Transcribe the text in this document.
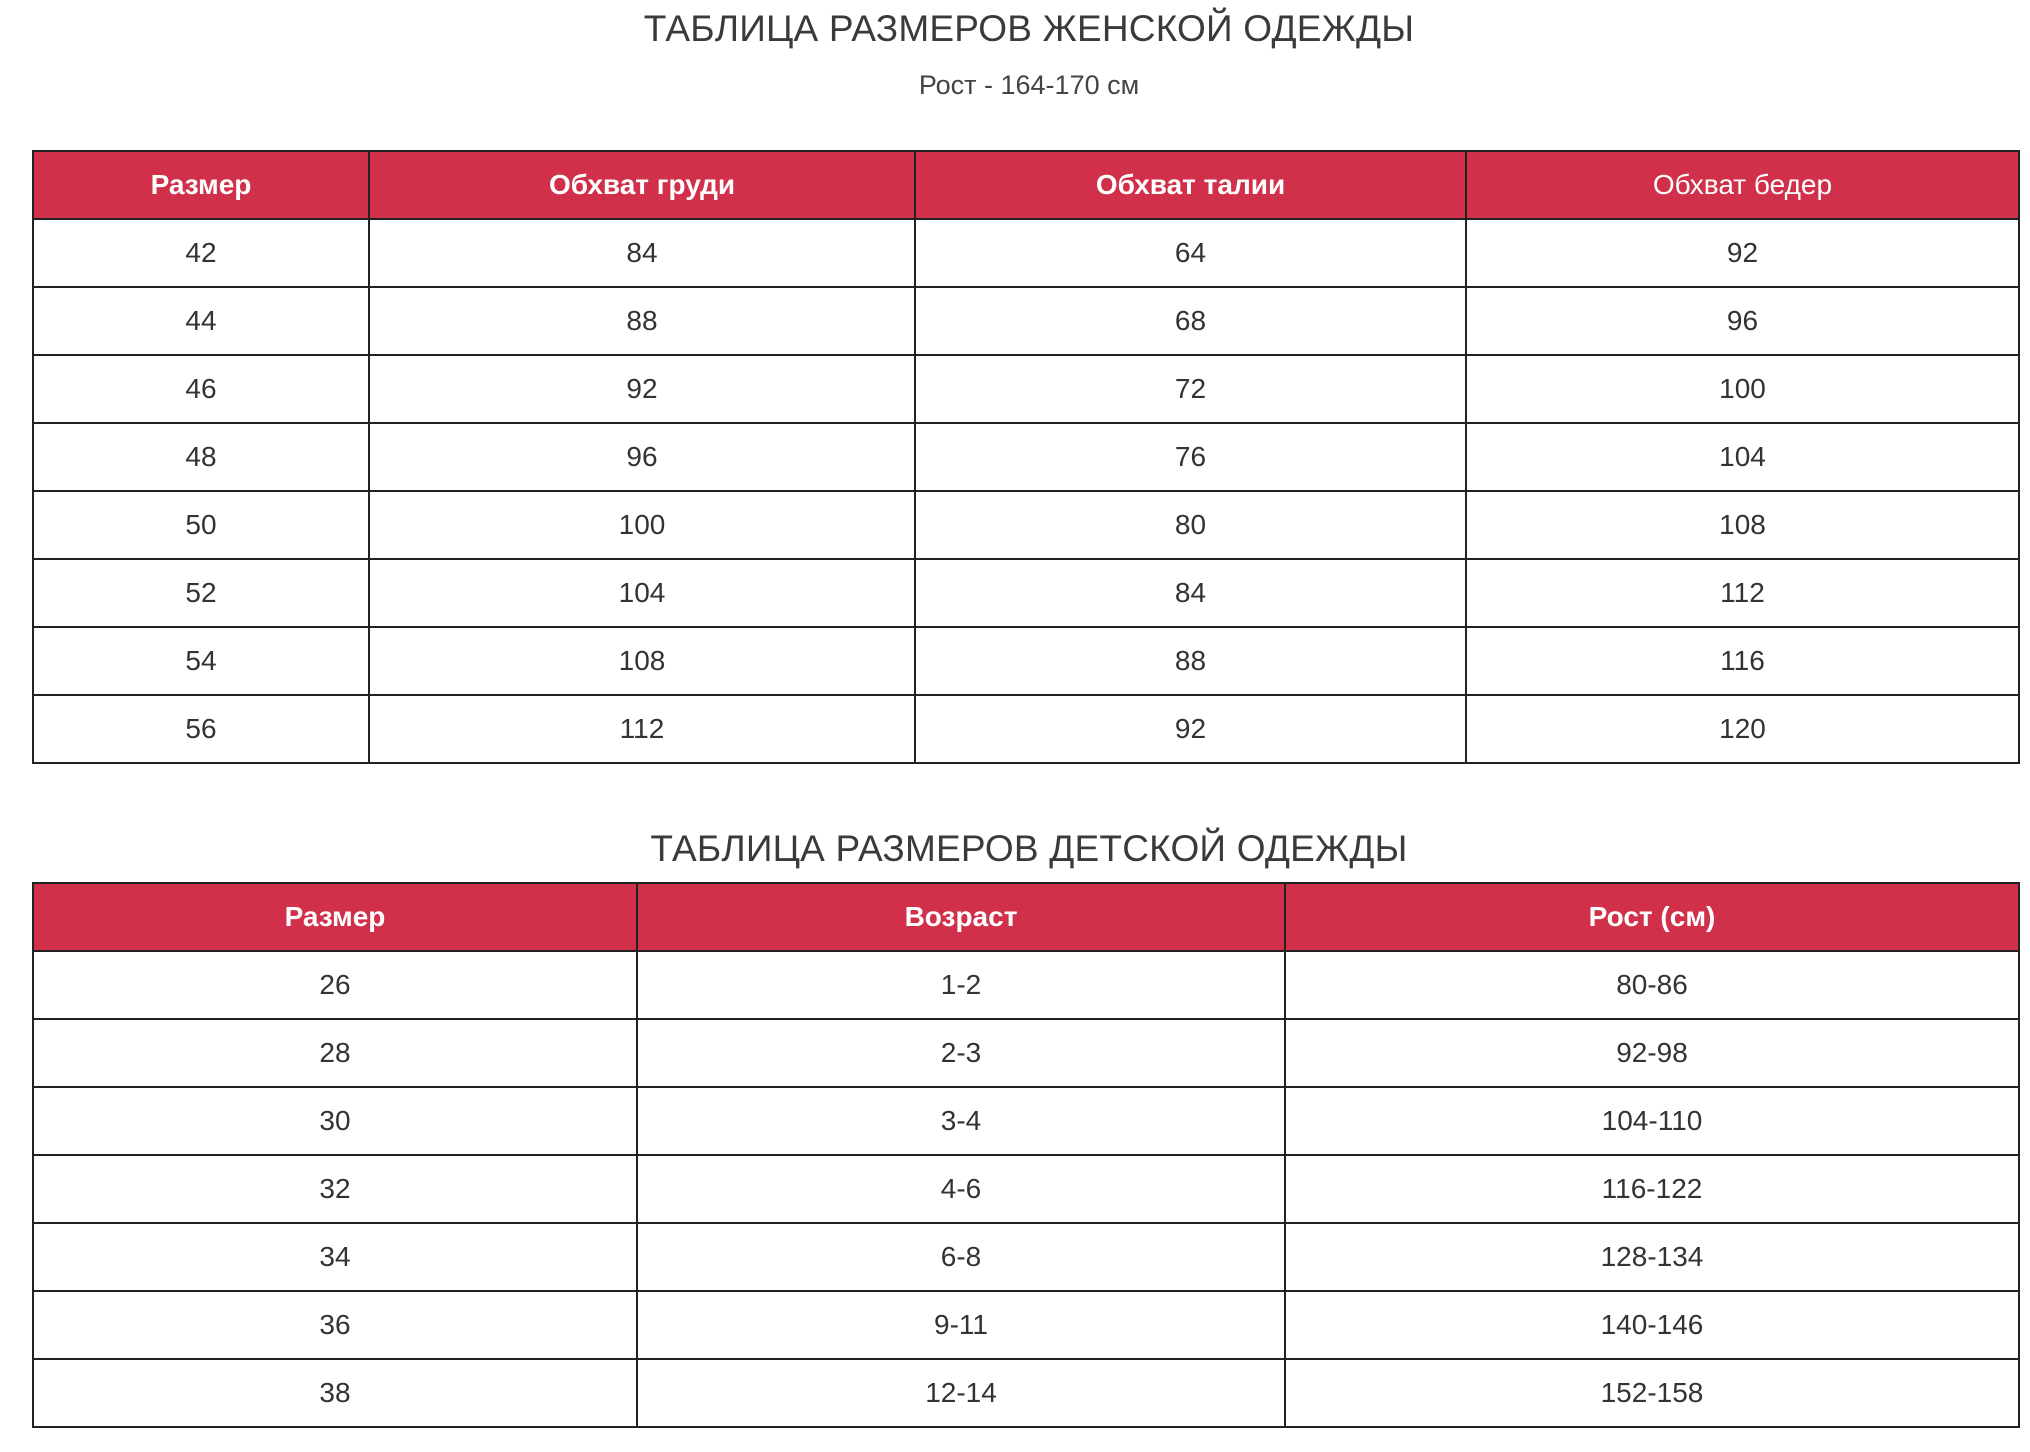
ТАБЛИЦА РАЗМЕРОВ ЖЕНСКОЙ ОДЕЖДЫ
Рост - 164-170 см
Размер	Обхват груди	Обхват талии	Обхват бедер
42	84	64	92
44	88	68	96
46	92	72	100
48	96	76	104
50	100	80	108
52	104	84	112
54	108	88	116
56	112	92	120
ТАБЛИЦА РАЗМЕРОВ ДЕТСКОЙ ОДЕЖДЫ
Размер	Возраст	Рост (см)
26	1-2	80-86
28	2-3	92-98
30	3-4	104-110
32	4-6	116-122
34	6-8	128-134
36	9-11	140-146
38	12-14	152-158
